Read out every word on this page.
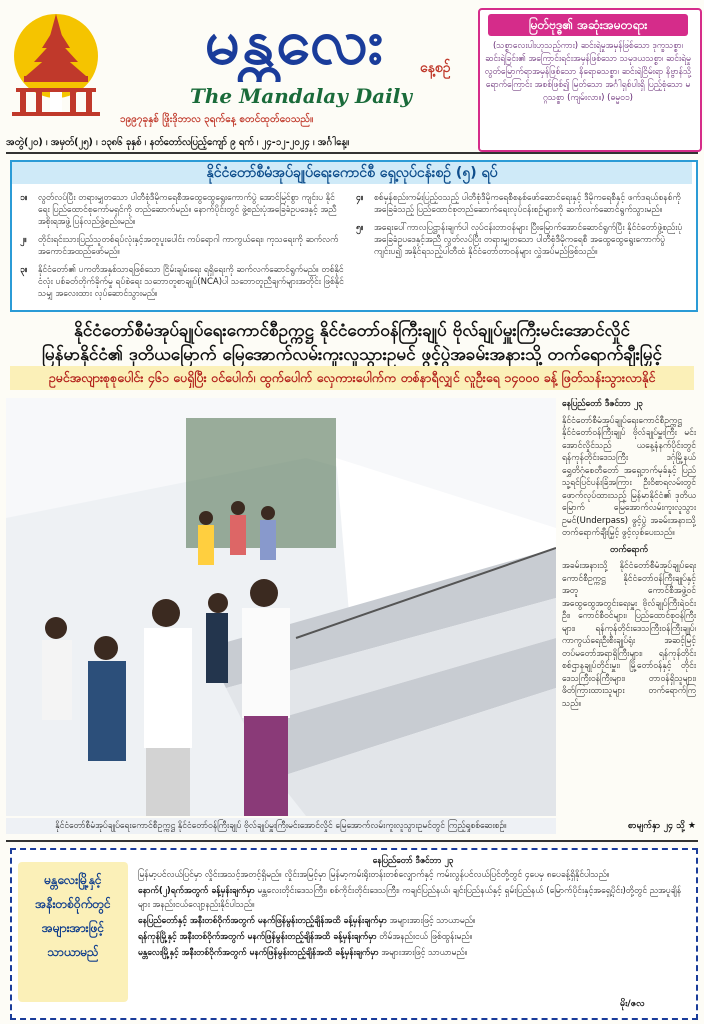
မန္တလေး	နေ့စဉ်
The Mandalay Daily
၁၉၉၇ခုနှစ် ဖြိုးဒိုဘာလ ၃ရက်နေ့ စတင်ထုတ်ဝေသည်။
မြတ်ဗုဒ္ဓ၏ အဆုံးအမတရား
(သစ္စာလေးပါးဟုသည့်ကား) ဆင်းရဲမှုအမှန်ဖြစ်သော ဒုက္ခသစ္စာ၊ ဆင်းရဲခြင်း၏ အကြောင်းရင်းအမှန်ဖြစ်သော သမုဒယသစ္စာ၊ ဆင်းရဲမှု လွတ်မြောက်ရာအမှန်ဖြစ်သော နိရောဓသစ္စာ၊ ဆင်းရဲငြိမ်းရာ နိဗ္ဗာန်သို့ရောက်ကြောင်း အစစ်ဖြစ်၍ မြတ်သော အင်္ဂါရှစ်ပါးရှိ ပြည့်စုံသော မဂ္ဂသစ္စာ (ကျမ်းလာ။) (ဓမ္မဝ၁)
အတွဲ(၂၀) ၊ အမှတ်(၂၅) ၊ ၁၃၈၆ ခုနှစ် ၊ နတ်တော်လပြည့်ကျော် ၉ ရက် ၊ ၂၄-၁၂-၂၀၂၄ ၊ အင်္ဂါနေ့။
နိုင်ငံတော်စီမံအုပ်ချုပ်ရေးကောင်စီ ရှေ့လုပ်ငန်းစဉ် (၅) ရပ်
၁။	လွတ်လပ်ပြီး တရားမျှတသော ပါတီစုံဒီမိုကရေစီအထွေထွေရွေးကောက်ပွဲ အောင်မြင်စွာ ကျင်းပ နိုင်ရေး ပြည်ထောင်စုကော်မရှင်ကို တည်ဆောက်မည်။ နောက်ပိုင်းတွင် ဖွဲ့စည်းပုံအခြေခံဥပဒေနှင့် အညီ အစိုးရအဖွဲ့ ပြန်လည်ဖွဲ့စည်းမည်။
၂။	တိုင်းရင်းသားပြည်သူတစ်ရပ်လုံးနှင့်အတူပူးပေါင်း ကပ်ရောဂါ ကာကွယ်ရေး၊ ကုသရေးကို ဆက်လက်အကောင်အထည်ဖော်မည်။
၃။	နိုင်ငံတော်၏ ပကတိအနှစ်သာရဖြစ်သော ငြိမ်းချမ်းရေး ရရှိရေးကို ဆက်လက်ဆောင်ရွက်မည်။ တစ်နိုင်ငံလုံး ပစ်ခတ်တိုက်ခိုက်မှု ရပ်စဲရေး သဘောတူစာချုပ်(NCA)ပါ သဘောတူညီချက်များအတိုင်း ဖြစ်နိုင်သမျှ အလေးထား လုပ်ဆောင်သွားမည်။
၄။	စစ်မှန်စည်းကမ်းပြည့်ဝသည့် ပါတီစုံဒီမိုကရေစီစနစ်ဖော်ဆောင်ရေးနှင့် ဒီမိုကရေစီနှင့် ဖက်ဒရယ်စနစ်ကို အခြေခံသည့် ပြည်ထောင်စုတည်ဆောက်ရေးလုပ်ငန်းစဉ်များကို ဆက်လက်ဆောင်ရွက်သွားမည်။
၅။	အရေးပေါ်ကာလပြဋ္ဌာန်းချက်ပါ လုပ်ငန်းတာဝန်များ ပြီးမြောက်အောင်ဆောင်ရွက်ပြီး နိုင်ငံတော်ဖွဲ့စည်းပုံအခြေခံဥပဒေနှင့်အညီ လွတ်လပ်ပြီး တရားမျှတသော ပါတီစုံဒီမိုကရေစီ အထွေထွေရွေးကောက်ပွဲကျင်းပ၍ အနိုင်ရသည့်ပါတီထံ နိုင်ငံတော်တာဝန်များ လွှဲအပ်မည်ဖြစ်သည်။
နိုင်ငံတော်စီမံအုပ်ချုပ်ရေးကောင်စီဥက္ကဋ္ဌ နိုင်ငံတော်ဝန်ကြီးချုပ် ဗိုလ်ချုပ်မှူးကြီးမင်းအောင်လှိုင်
မြန်မာနိုင်ငံ၏ ဒုတိယမြောက် မြေအောက်လမ်းကူးလူသွားဥမင် ဖွင့်ပွဲအခမ်းအနားသို့ တက်ရောက်ချီးမြှင့်
ဥမင်အလျားစုစုပေါင်း ၄၆၁ ပေရှိပြီး ဝင်ပေါက်၊ ထွက်ပေါက် လှေကားပေါက်က တစ်နာရီလျှင် လူဦးရေ ၁၄၀၀၀ ခန့် ဖြတ်သန်းသွားလာနိုင်
နိုင်ငံတော်စီမံအုပ်ချုပ်ရေးကောင်စီဥက္ကဋ္ဌ နိုင်ငံတော်ဝန်ကြီးချုပ် ဗိုလ်ချုပ်မှူးကြီးမင်းအောင်လှိုင် မြေအောက်လမ်းကူးလူသွားဥမင်တွင် ကြည့်ရှုစစ်ဆေးစဉ်။

နေပြည်တော် ဒီဇင်ဘာ ၂၃

နိုင်ငံတော်စီမံအုပ်ချုပ်ရေးကောင်စီဥက္ကဋ္ဌ နိုင်ငံတော်ဝန်ကြီးချုပ် ဗိုလ်ချုပ်မှူးကြီး မင်းအောင်လှိုင်သည် ယနေ့နံနက်ပိုင်းတွင် ရန်ကုန်တိုင်းဒေသကြီး ဒဂုံမြို့နယ် ရွှေတိဂုံစေတီတော် အရှေ့ဘက်မုခ်နှင့် ပြည်သူ့ရင်ပြင်ပန်းခြံအကြား ဦးဝိစာရလမ်းတွင် ဖောက်လုပ်ထားသည့် မြန်မာနိုင်ငံ၏ ဒုတိယမြောက် မြေအောက်လမ်းကူးလူသွားဥမင်(Underpass) ဖွင့်ပွဲ အခမ်းအနားသို့ တက်ရောက်ချီးမြှင့် ဖွင့်လှစ်ပေးသည်။

တက်ရောက်

အခမ်းအနားသို့ နိုင်ငံတော်စီမံအုပ်ချုပ်ရေးကောင်စီဥက္ကဋ္ဌ နိုင်ငံတော်ဝန်ကြီးချုပ်နှင့်အတူ ကောင်စီအဖွဲ့ဝင် အထွေထွေအတွင်းရေးမှူး ဗိုလ်ချုပ်ကြီးရဲဝင်းဦး၊ ကောင်စီဝင်များ၊ ပြည်ထောင်စုဝန်ကြီးများ၊ ရန်ကုန်တိုင်းဒေသကြီးဝန်ကြီးချုပ်၊ ကာကွယ်ရေးဦးစီးချုပ်ရုံး အဆင့်မြင့် တပ်မတော်အရာရှိကြီးများ၊ ရန်ကုန်တိုင်း စစ်ဌာနချုပ်တိုင်းမှူး၊ မြို့တော်ဝန်နှင့် တိုင်းဒေသကြီးဝန်ကြီးများ၊ တာဝန်ရှိသူများ၊ ဖိတ်ကြားထားသူများ တက်ရောက်ကြ သည်။

စာမျက်နှာ ၂၄ သို့ ★
မန္တလေးမြို့နှင့်
အနီးတစ်ဝိုက်တွင်
အများအားဖြင့်
သာယာမည်
နေပြည်တော် ဒီဇင်ဘာ ၂၃

မြန်မာ့ပင်လယ်ပြင်မှာ လှိုင်းအသင့်အတင့်ရှိမည်။ လှိုင်းအမြင့်မှာ မြန်မာ့ကမ်းရိုးတန်းတစ်လျှောက်နှင့် ကမ်းလွန်ပင်လယ်ပြင်တို့တွင် ၄ပေမှ ၈ပေခန့်ရှိနိုင်ပါသည်။

နောက်(၂)ရက်အတွက် ခန့်မှန်းချက်မှာ မန္တလေးတိုင်းဒေသကြီး၊ စစ်ကိုင်းတိုင်းဒေသကြီး၊ ကချင်ပြည်နယ်၊ ချင်းပြည်နယ်နှင့် ရှမ်းပြည်နယ် (မြောက်ပိုင်းနှင့်အရှေ့ပိုင်း)တို့တွင် ညအပူချိန်များ အနည်းငယ်လျော့နည်းနိုင်ပါသည်။

နေပြည်တော်နှင့် အနီးတစ်ဝိုက်အတွက် မနက်ဖြန်မွန်းတည့်ချိန်အထိ ခန့်မှန်းချက်မှာ အများအားဖြင့် သာယာမည်။

ရန်ကုန်မြို့နှင့် အနီးတစ်ဝိုက်အတွက် မနက်ဖြန်မွန်းတည့်ချိန်အထိ ခန့်မှန်းချက်မှာ တိမ်အနည်းငယ် ဖြစ်ထွန်းမည်။

မန္တလေးမြို့နှင့် အနီးတစ်ဝိုက်အတွက် မနက်ဖြန်မွန်းတည့်ချိန်အထိ ခန့်မှန်းချက်မှာ အများအားဖြင့် သာယာမည်။

မိုး/ဇလ
